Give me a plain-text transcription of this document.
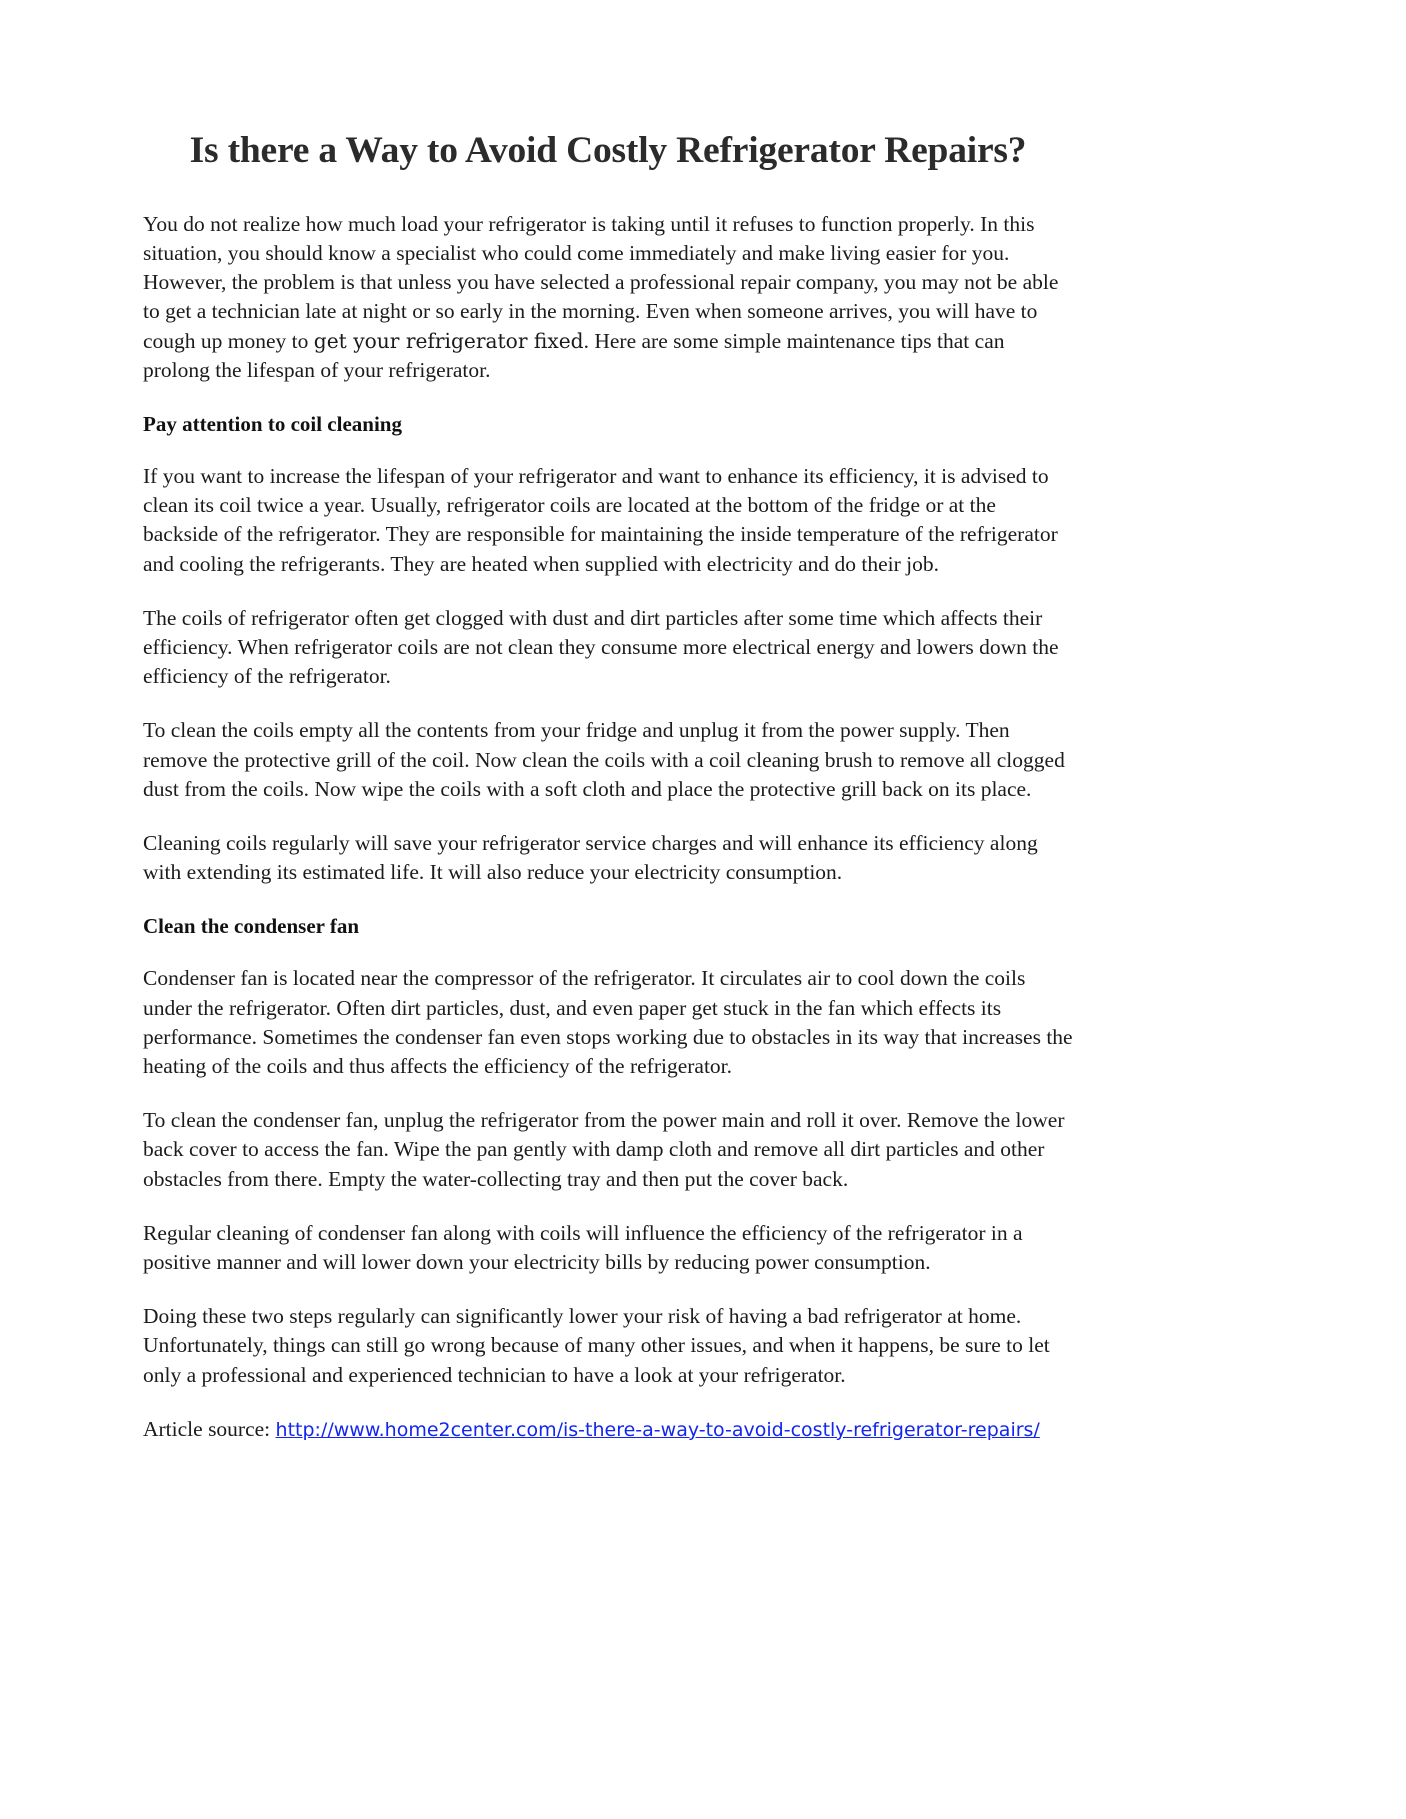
Is there a Way to Avoid Costly Refrigerator Repairs?

You do not realize how much load your refrigerator is taking until it refuses to function properly. In this situation, you should know a specialist who could come immediately and make living easier for you. However, the problem is that unless you have selected a professional repair company, you may not be able to get a technician late at night or so early in the morning. Even when someone arrives, you will have to cough up money to get your refrigerator fixed. Here are some simple maintenance tips that can prolong the lifespan of your refrigerator.

Pay attention to coil cleaning

If you want to increase the lifespan of your refrigerator and want to enhance its efficiency, it is advised to clean its coil twice a year. Usually, refrigerator coils are located at the bottom of the fridge or at the backside of the refrigerator. They are responsible for maintaining the inside temperature of the refrigerator and cooling the refrigerants. They are heated when supplied with electricity and do their job.

The coils of refrigerator often get clogged with dust and dirt particles after some time which affects their efficiency. When refrigerator coils are not clean they consume more electrical energy and lowers down the efficiency of the refrigerator.

To clean the coils empty all the contents from your fridge and unplug it from the power supply. Then remove the protective grill of the coil. Now clean the coils with a coil cleaning brush to remove all clogged dust from the coils. Now wipe the coils with a soft cloth and place the protective grill back on its place.

Cleaning coils regularly will save your refrigerator service charges and will enhance its efficiency along with extending its estimated life. It will also reduce your electricity consumption.

Clean the condenser fan

Condenser fan is located near the compressor of the refrigerator. It circulates air to cool down the coils under the refrigerator. Often dirt particles, dust, and even paper get stuck in the fan which effects its performance. Sometimes the condenser fan even stops working due to obstacles in its way that increases the heating of the coils and thus affects the efficiency of the refrigerator.

To clean the condenser fan, unplug the refrigerator from the power main and roll it over. Remove the lower back cover to access the fan. Wipe the pan gently with damp cloth and remove all dirt particles and other obstacles from there. Empty the water-collecting tray and then put the cover back.

Regular cleaning of condenser fan along with coils will influence the efficiency of the refrigerator in a positive manner and will lower down your electricity bills by reducing power consumption.

Doing these two steps regularly can significantly lower your risk of having a bad refrigerator at home. Unfortunately, things can still go wrong because of many other issues, and when it happens, be sure to let only a professional and experienced technician to have a look at your refrigerator.

Article source: http://www.home2center.com/is-there-a-way-to-avoid-costly-refrigerator-repairs/
